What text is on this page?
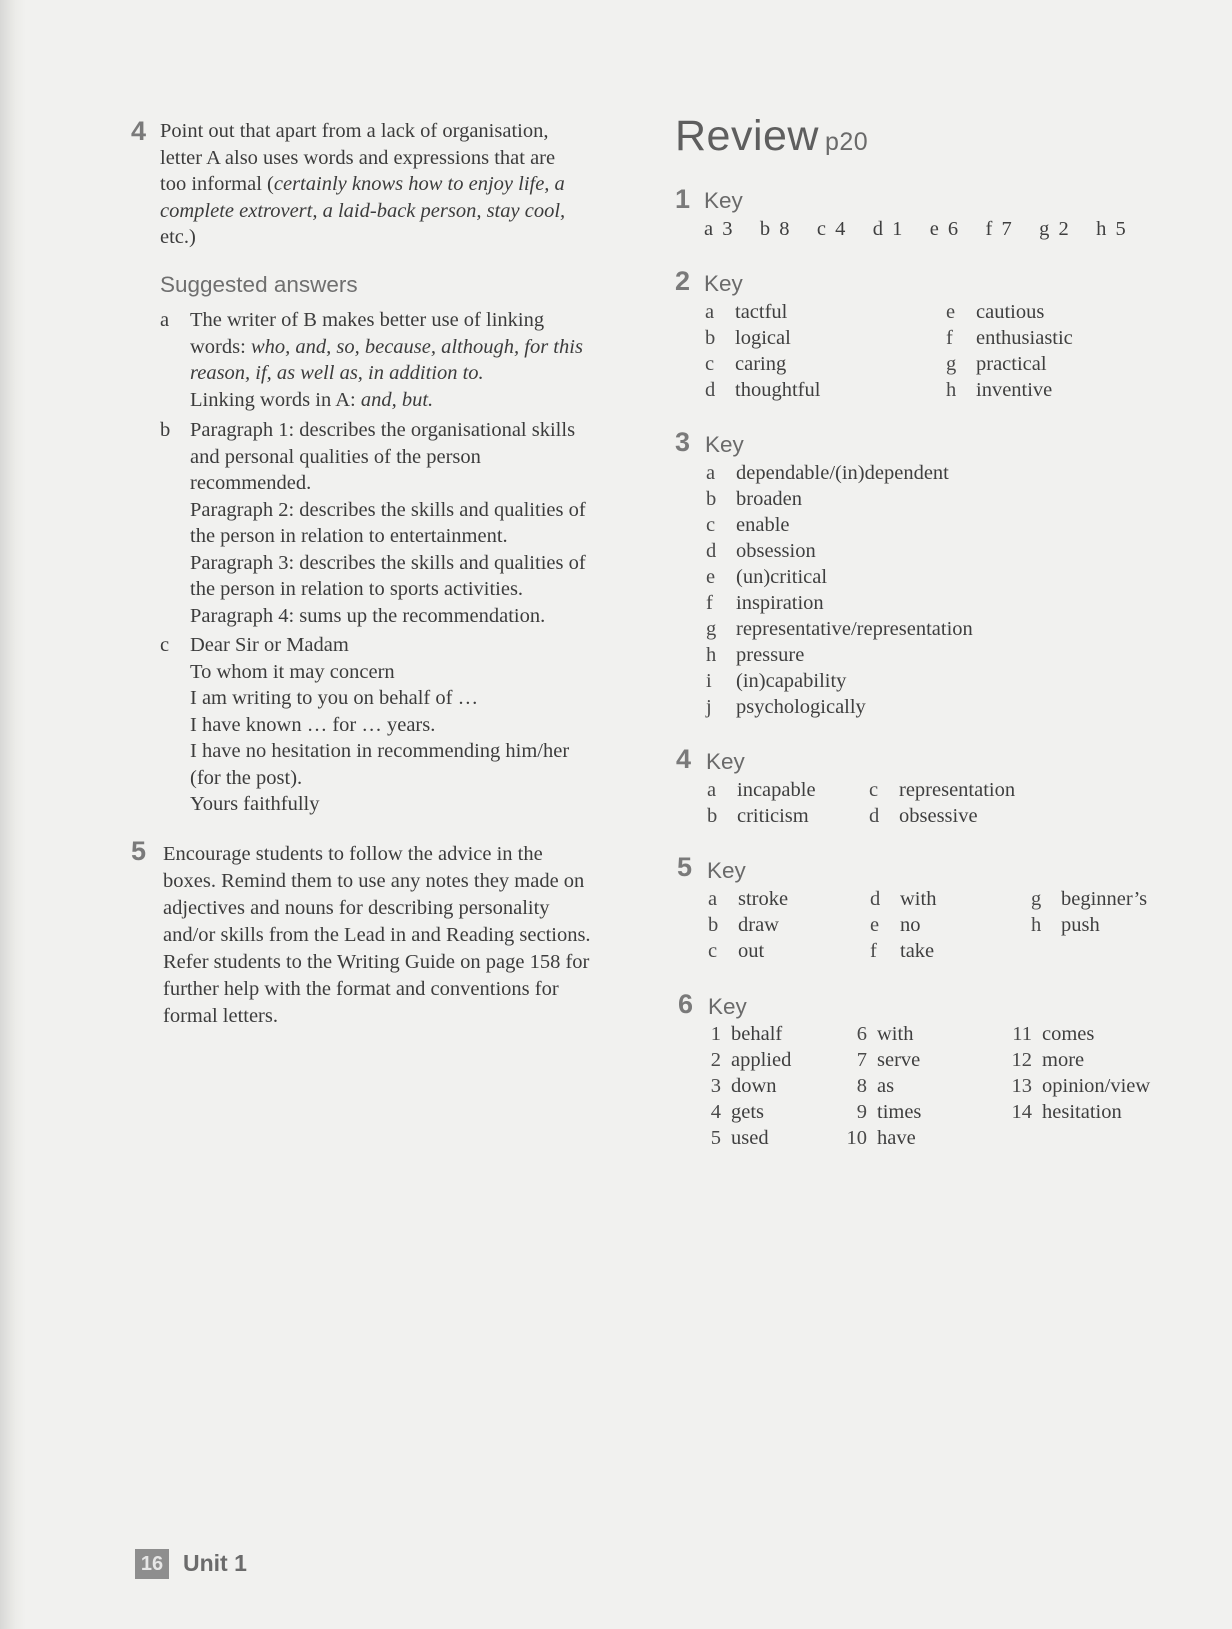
4 Point out that apart from a lack of organisation,
letter A also uses words and expressions that are
too informal (certainly knows how to enjoy life, a
complete extrovert, a laid-back person, stay cool,
etc.)
Suggested answers
a	The writer of B makes better use of linking
words: who, and, so, because, although, for this
reason, if, as well as, in addition to.
Linking words in A: and, but.
b Paragraph 1: describes the organisational skills
and personal qualities of the person
recommended.
Paragraph 2: describes the skills and qualities of
the person in relation to entertainment.
Paragraph 3: describes the skills and qualities of
the person in relation to sports activities.
Paragraph 4: sums up the recommendation.
c	Dear Sir or Madam
To whom it may concern
I am writing to you on behalf of …
I have known … for … years.
I have no hesitation in recommending him/her
(for the post).
Yours faithfully
5 Encourage students to follow the advice in the
boxes. Remind them to use any notes they made on
adjectives and nouns for describing personality
and/or skills from the Lead in and Reading sections.
Refer students to the Writing Guide on page 158 for
further help with the format and conventions for
formal letters.
Review p20
1 Key
a 3   b 8   c 4   d 1   e 6   f 7   g 2   h 5
2 Key
a tactful
b logical
c caring
d thoughtful
e cautious
f enthusiastic
g practical
h inventive
3 Key
a dependable/(in)dependent
b broaden
c enable
d obsession
e (un)critical
f inspiration
g representative/representation
h pressure
i (in)capability
j psychologically
4 Key
a incapable
b criticism
c representation
d obsessive
5 Key
a stroke
b draw
c out
d with
e no
f take
g beginner’s
h push
6 Key
1 behalf
2 applied
3 down
4 gets
5 used
6 with
7 serve
8 as
9 times
10 have
11 comes
12 more
13 opinion/view
14 hesitation
16 Unit 1
